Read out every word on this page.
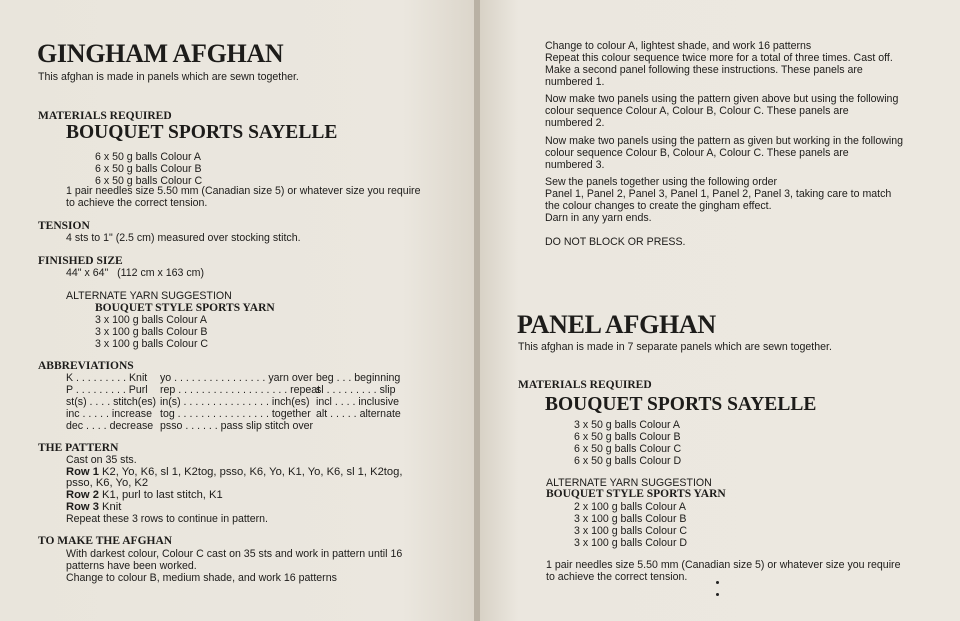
GINGHAM AFGHAN
This afghan is made in panels which are sewn together.
MATERIALS REQUIRED
BOUQUET SPORTS SAYELLE
6 x 50 g balls Colour A
6 x 50 g balls Colour B
6 x 50 g balls Colour C
1 pair needles size 5.50 mm (Canadian size 5) or whatever size you require
to achieve the correct tension.
TENSION
4 sts to 1" (2.5 cm) measured over stocking stitch.
FINISHED SIZE
44" x 64"   (112 cm x 163 cm)
ALTERNATE YARN SUGGESTION
BOUQUET STYLE SPORTS YARN
3 x 100 g balls Colour A
3 x 100 g balls Colour B
3 x 100 g balls Colour C
ABBREVIATIONS
K . . . . . . . . . Knit
P . . . . . . . . . Purl
st(s) . . . . stitch(es)
inc . . . . . increase
dec . . . . decrease
yo . . . . . . . . . . . . . . . . yarn over
rep . . . . . . . . . . . . . . . . . . . repeat
in(s) . . . . . . . . . . . . . . . inch(es)
tog . . . . . . . . . . . . . . . . together
psso . . . . . . pass slip stitch over
beg . . . beginning
sl . . . . . . . . . slip
incl . . . . inclusive
alt . . . . . alternate
THE PATTERN
Cast on 35 sts.
Row 1 K2, Yo, K6, sl 1, K2tog, psso, K6, Yo, K1, Yo, K6, sl 1, K2tog,
psso, K6, Yo, K2
Row 2 K1, purl to last stitch, K1
Row 3 Knit
Repeat these 3 rows to continue in pattern.
TO MAKE THE AFGHAN
With darkest colour, Colour C cast on 35 sts and work in pattern until 16
patterns have been worked.
Change to colour B, medium shade, and work 16 patterns
Change to colour A, lightest shade, and work 16 patterns
Repeat this colour sequence twice more for a total of three times. Cast off.
Make a second panel following these instructions. These panels are
numbered 1.
Now make two panels using the pattern given above but using the following
colour sequence Colour A, Colour B, Colour C. These panels are
numbered 2.
Now make two panels using the pattern as given but working in the following
colour sequence Colour B, Colour A, Colour C. These panels are
numbered 3.
Sew the panels together using the following order
Panel 1, Panel 2, Panel 3, Panel 1, Panel 2, Panel 3, taking care to match
the colour changes to create the gingham effect.
Darn in any yarn ends.
DO NOT BLOCK OR PRESS.
PANEL AFGHAN
This afghan is made in 7 separate panels which are sewn together.
MATERIALS REQUIRED
BOUQUET SPORTS SAYELLE
3 x 50 g balls Colour A
6 x 50 g balls Colour B
6 x 50 g balls Colour C
6 x 50 g balls Colour D
ALTERNATE YARN SUGGESTION
BOUQUET STYLE SPORTS YARN
2 x 100 g balls Colour A
3 x 100 g balls Colour B
3 x 100 g balls Colour C
3 x 100 g balls Colour D
1 pair needles size 5.50 mm (Canadian size 5) or whatever size you require
to achieve the correct tension.
